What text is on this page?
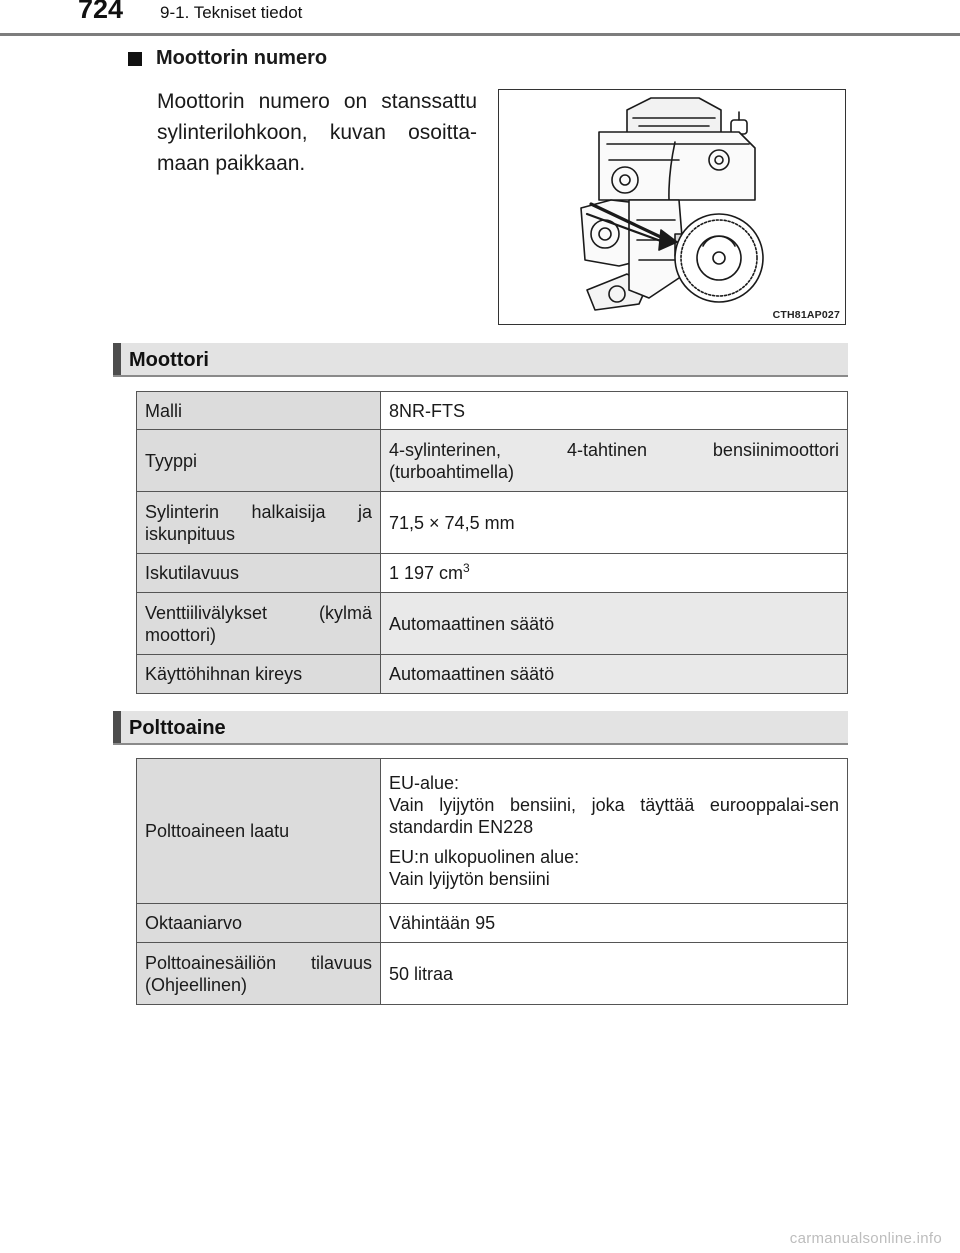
724 9-1. Tekniset tiedot
Moottorin numero
Moottorin numero on stanssattu sylinterilohkoon, kuvan osoitta-maan paikkaan.
CTH81AP027
Moottori
Malli	8NR-FTS
Tyyppi	4-sylinterinen, 4-tahtinen bensiinimoottori (turboahtimella)
Sylinterin halkaisija ja iskunpituus	71,5 × 74,5 mm
Iskutilavuus	1 197 $cm^3$
Venttiilivälykset (kylmä moottori)	Automaattinen säätö
Käyttöhihnan kireys	Automaattinen säätö
Polttoaine
Polttoaineen laatu	EU-alue:
Vain lyijytön bensiini, joka täyttää eurooppalai-sen standardin EN228

EU:n ulkopuolinen alue:
Vain lyijytön bensiini

Oktaaniarvo	Vähintään 95
Polttoainesäiliön tilavuus (Ohjeellinen)	50 litraa
carmanualsonline.info
